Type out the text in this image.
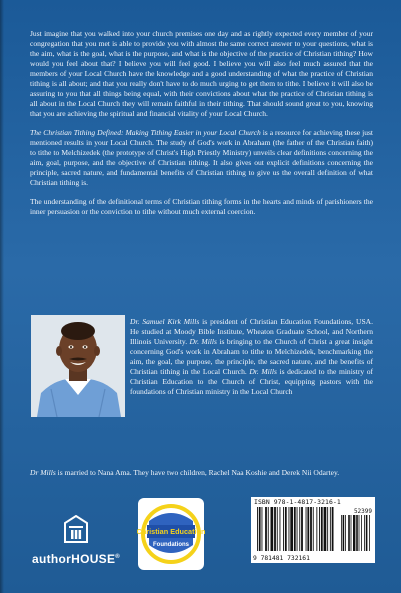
Just imagine that you walked into your church premises one day and as rightly expected every member of your congregation that you met is able to provide you with almost the same correct answer to your questions, what is the aim, what is the goal, what is the purpose, and what is the objective of the practice of Christian tithing? How would you feel about that? I believe you will feel good. I believe you will also feel much assured that the members of your Local Church have the knowledge and a good understanding of what the practice of Christian tithing is all about; and that you really don't have to do much urging to get them to tithe. I believe it will also be assuring to you that all things being equal, with their convictions about what the practice of Christian tithing is all about in the Local Church they will remain faithful in their tithing. That should sound great to you, knowing that you are achieving the spiritual and financial vitality of your Local Church.

The Christian Tithing Defined: Making Tithing Easier in your Local Church is a resource for achieving these just mentioned results in your Local Church. The study of God's work in Abraham (the father of the Christian faith) to tithe to Melchizedek (the prototype of Christ's High Priestly Ministry) unveils clear definitions concerning the aim, goal, purpose, and the objective of Christian tithing. It also gives out explicit definitions concerning the principle, sacred nature, and fundamental benefits of Christian tithing to give us the overall definition of what Christian tithing is.

The understanding of the definitional terms of Christian tithing forms in the hearts and minds of parishioners the inner persuasion or the conviction to tithe without much external coercion.

Dr. Samuel Kirk Mills is president of Christian Education Foundations, USA. He studied at Moody Bible Institute, Wheaton Graduate School, and Northern Illinois University. Dr. Mills is bringing to the Church of Christ a great insight concerning God's work in Abraham to tithe to Melchizedek, benchmarking the aim, the goal, the purpose, the principle, the sacred nature, and the benefits of Christian tithing in the Local Church. Dr. Mills is dedicated to the ministry of Christian Education to the Church of Christ, equipping pastors with the foundations of Christian ministry in the Local Church

Dr Mills is married to Nana Ama. They have two children, Rachel Naa Koshie and Derek Nii Odartey.

authorHOUSE®
Christian Education
Foundations
ISBN 978-1-4817-3216-1
52399
9 781481 732161
